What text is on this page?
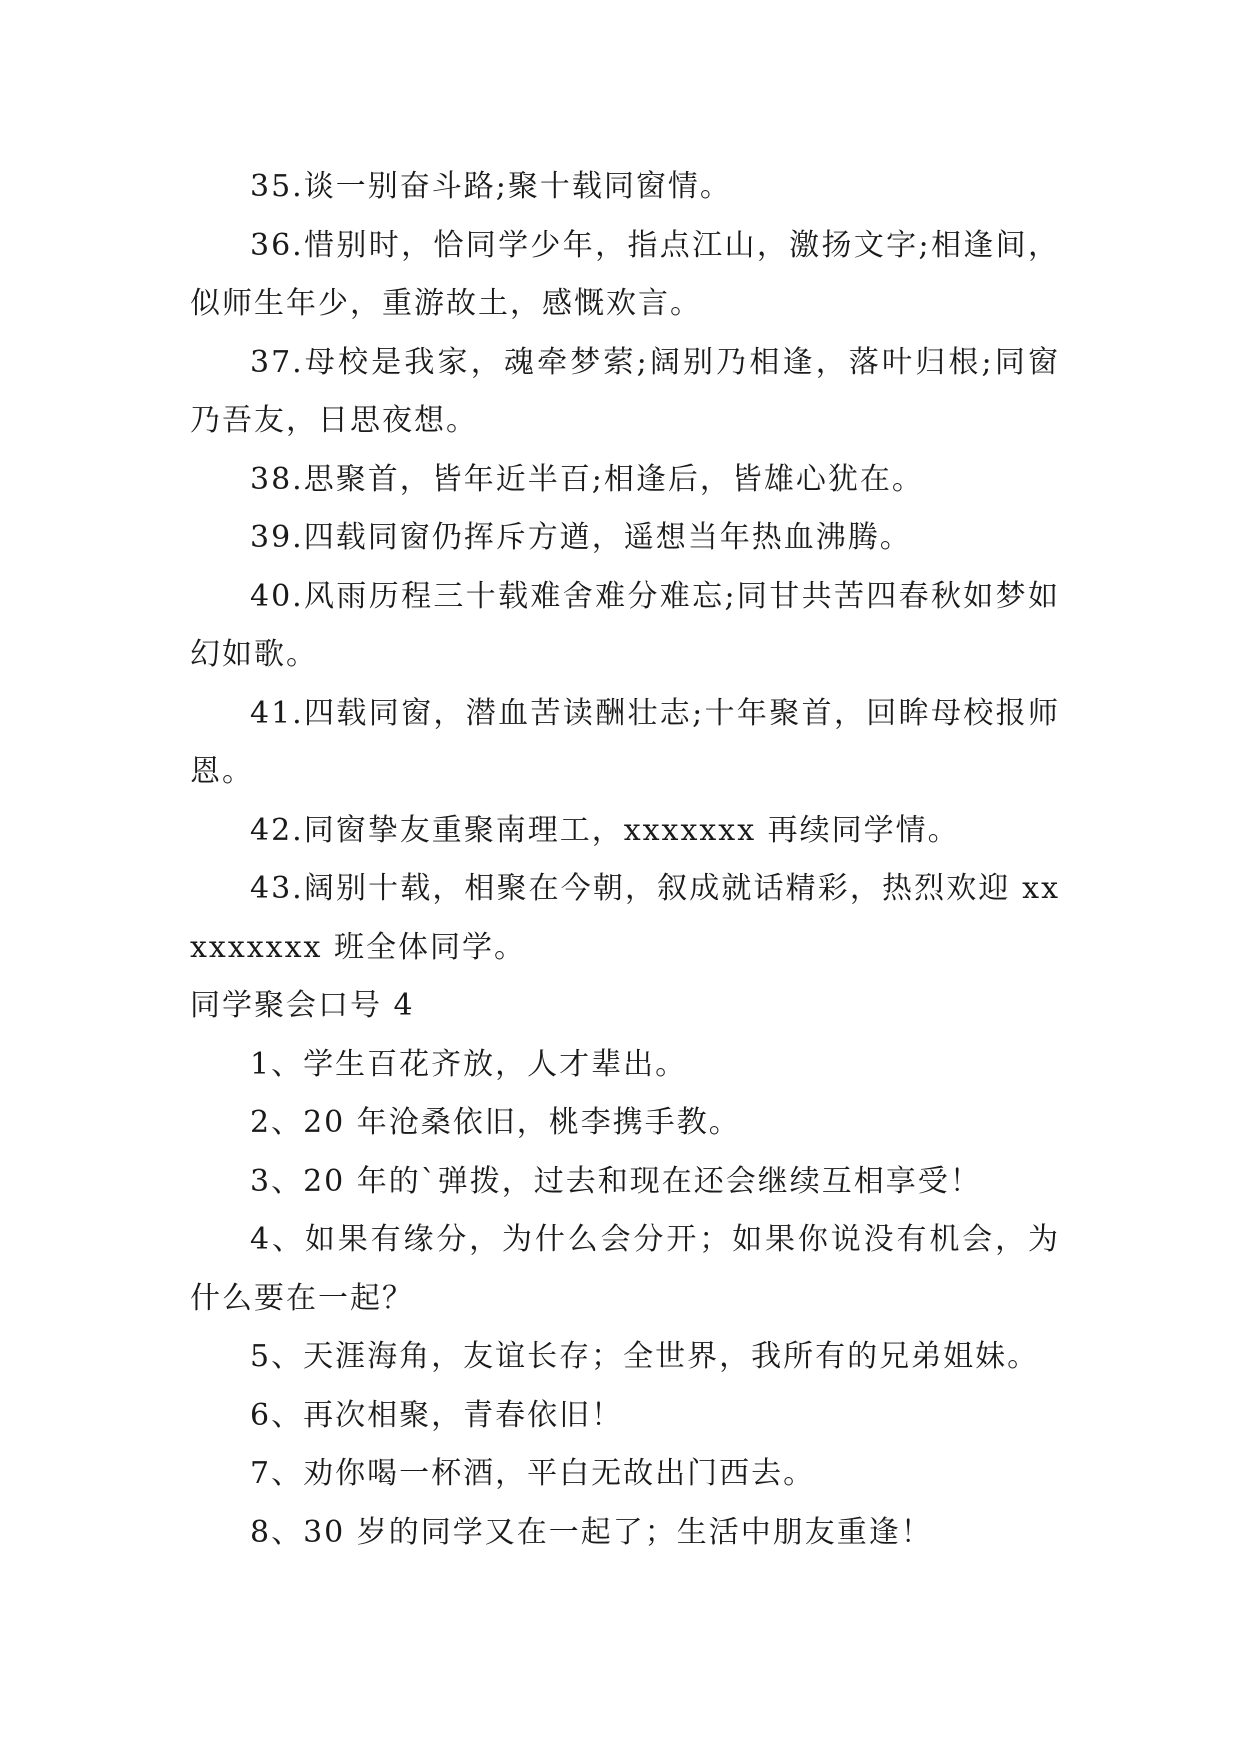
35.谈一别奋斗路;聚十载同窗情。

36.惜别时，恰同学少年，指点江山，激扬文字;相逢间，似师生年少，重游故土，感慨欢言。

37.母校是我家，魂牵梦萦;阔别乃相逢，落叶归根;同窗乃吾友，日思夜想。

38.思聚首，皆年近半百;相逢后，皆雄心犹在。

39.四载同窗仍挥斥方遒，遥想当年热血沸腾。

40.风雨历程三十载难舍难分难忘;同甘共苦四春秋如梦如幻如歌。

41.四载同窗，潜血苦读酬壮志;十年聚首，回眸母校报师恩。

42.同窗挚友重聚南理工，xxxxxxx 再续同学情。

43.阔别十载，相聚在今朝，叙成就话精彩，热烈欢迎 xxxxxxxxx 班全体同学。

同学聚会口号 4

1、学生百花齐放，人才辈出。

2、20 年沧桑依旧，桃李携手教。

3、20 年的`弹拨，过去和现在还会继续互相享受！

4、如果有缘分，为什么会分开；如果你说没有机会，为什么要在一起？

5、天涯海角，友谊长存；全世界，我所有的兄弟姐妹。

6、再次相聚，青春依旧！

7、劝你喝一杯酒，平白无故出门西去。

8、30 岁的同学又在一起了；生活中朋友重逢！
